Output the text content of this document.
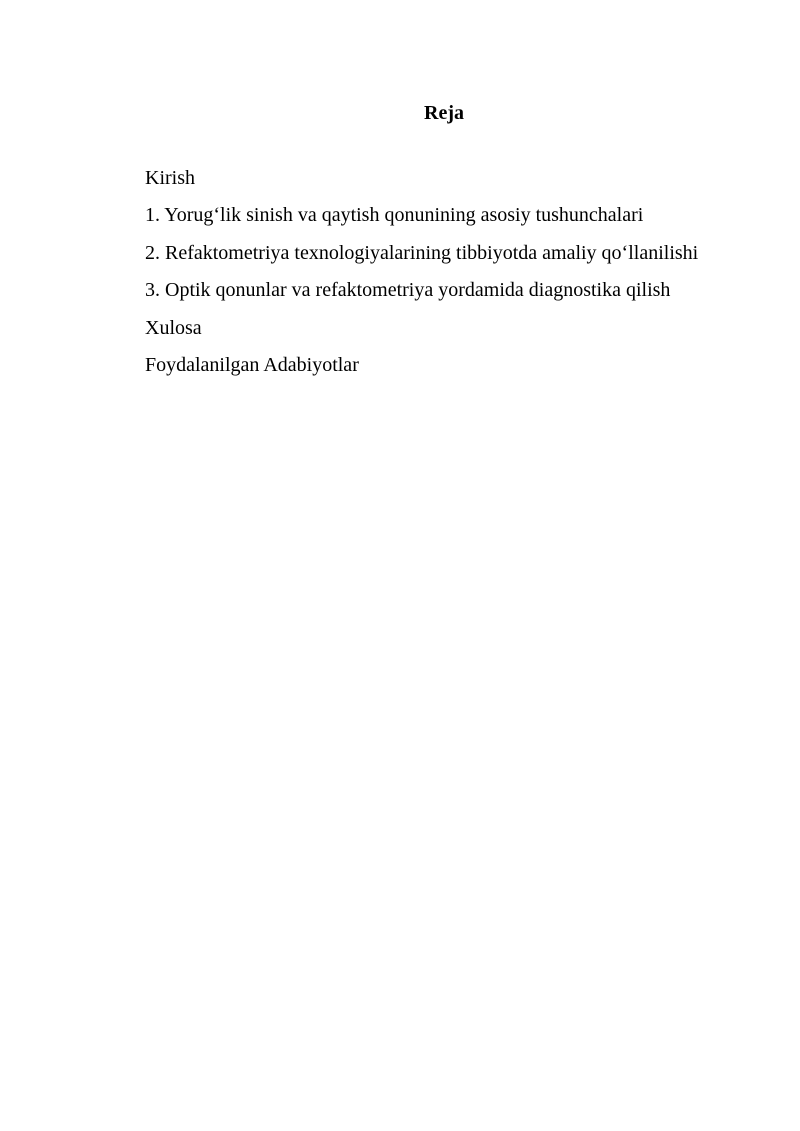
Reja
Kirish
1. Yorug‘lik sinish va qaytish qonunining asosiy tushunchalari
2. Refaktometriya texnologiyalarining tibbiyotda amaliy qo‘llanilishi
3. Optik qonunlar va refaktometriya yordamida diagnostika qilish
Xulosa
Foydalanilgan Adabiyotlar
